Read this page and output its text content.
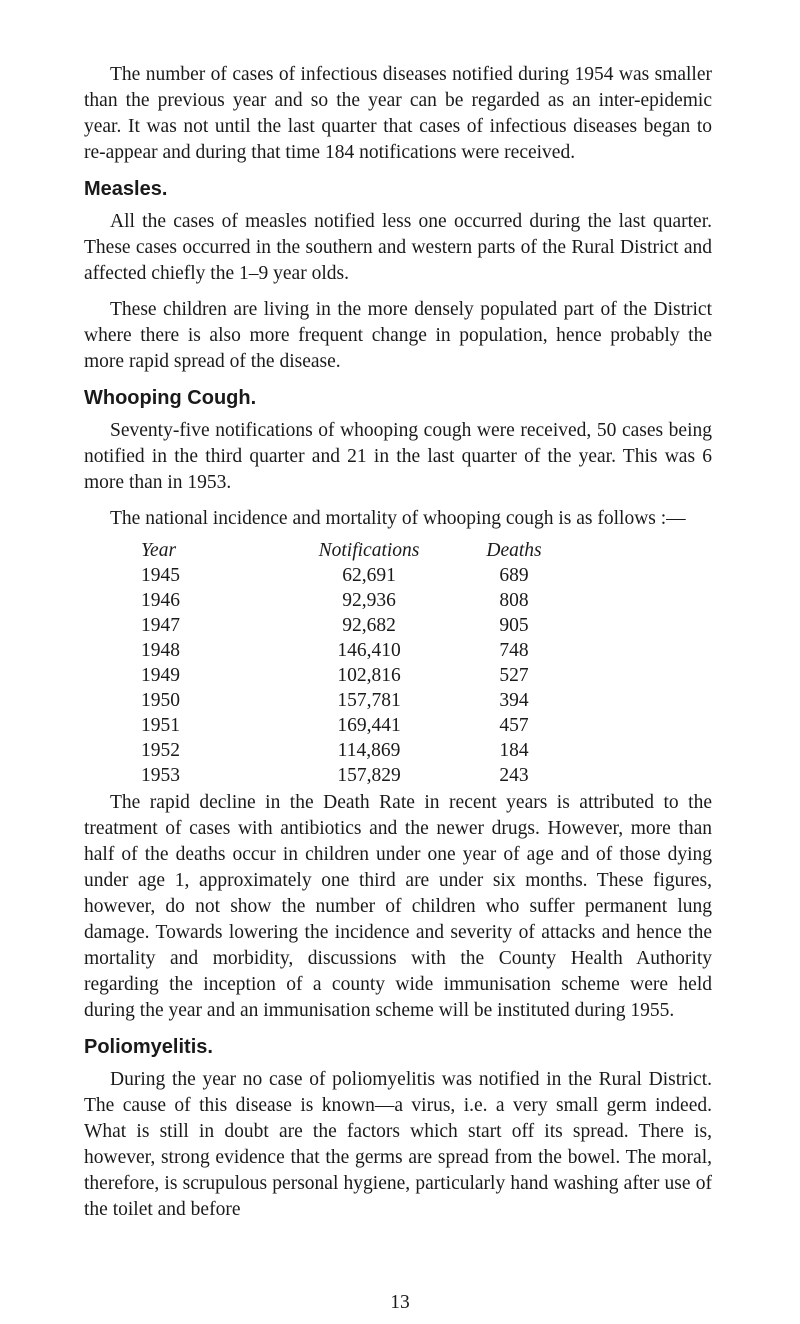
The number of cases of infectious diseases notified during 1954 was smaller than the previous year and so the year can be regarded as an inter-epidemic year. It was not until the last quarter that cases of infectious diseases began to re-appear and during that time 184 notifications were received.

Measles.

All the cases of measles notified less one occurred during the last quarter. These cases occurred in the southern and western parts of the Rural District and affected chiefly the 1–9 year olds.

These children are living in the more densely populated part of the District where there is also more frequent change in population, hence probably the more rapid spread of the disease.

Whooping Cough.

Seventy-five notifications of whooping cough were received, 50 cases being notified in the third quarter and 21 in the last quarter of the year. This was 6 more than in 1953.

The national incidence and mortality of whooping cough is as follows :—

Year	Notifications	Deaths
1945	62,691	689
1946	92,936	808
1947	92,682	905
1948	146,410	748
1949	102,816	527
1950	157,781	394
1951	169,441	457
1952	114,869	184
1953	157,829	243

The rapid decline in the Death Rate in recent years is attributed to the treatment of cases with antibiotics and the newer drugs. However, more than half of the deaths occur in children under one year of age and of those dying under age 1, approximately one third are under six months. These figures, however, do not show the number of children who suffer permanent lung damage. Towards lowering the incidence and severity of attacks and hence the mortality and morbidity, discussions with the County Health Authority regarding the inception of a county wide immunisation scheme were held during the year and an immunisation scheme will be instituted during 1955.

Poliomyelitis.

During the year no case of poliomyelitis was notified in the Rural District. The cause of this disease is known—a virus, i.e. a very small germ indeed. What is still in doubt are the factors which start off its spread. There is, however, strong evidence that the germs are spread from the bowel. The moral, therefore, is scrupulous personal hygiene, particularly hand washing after use of the toilet and before

13
